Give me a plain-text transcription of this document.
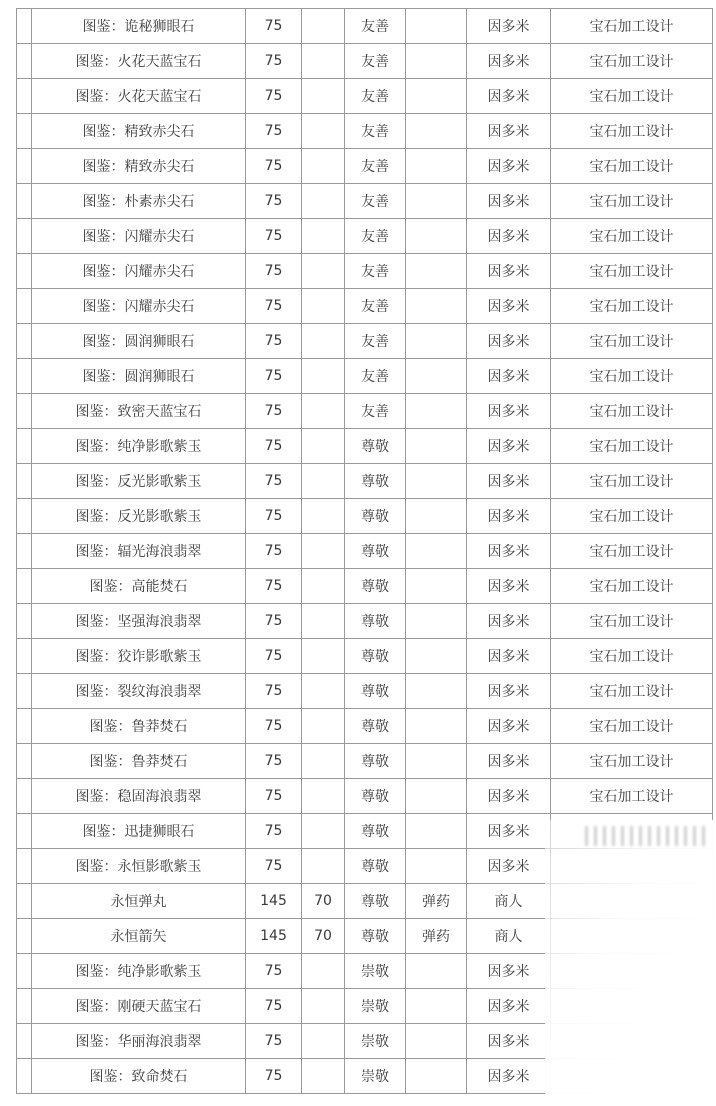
	图鉴：诡秘狮眼石	75		友善		因多米	宝石加工设计
	图鉴：火花天蓝宝石	75		友善		因多米	宝石加工设计
	图鉴：火花天蓝宝石	75		友善		因多米	宝石加工设计
	图鉴：精致赤尖石	75		友善		因多米	宝石加工设计
	图鉴：精致赤尖石	75		友善		因多米	宝石加工设计
	图鉴：朴素赤尖石	75		友善		因多米	宝石加工设计
	图鉴：闪耀赤尖石	75		友善		因多米	宝石加工设计
	图鉴：闪耀赤尖石	75		友善		因多米	宝石加工设计
	图鉴：闪耀赤尖石	75		友善		因多米	宝石加工设计
	图鉴：圆润狮眼石	75		友善		因多米	宝石加工设计
	图鉴：圆润狮眼石	75		友善		因多米	宝石加工设计
	图鉴：致密天蓝宝石	75		友善		因多米	宝石加工设计
	图鉴：纯净影歌紫玉	75		尊敬		因多米	宝石加工设计
	图鉴：反光影歌紫玉	75		尊敬		因多米	宝石加工设计
	图鉴：反光影歌紫玉	75		尊敬		因多米	宝石加工设计
	图鉴：辐光海浪翡翠	75		尊敬		因多米	宝石加工设计
	图鉴：高能焚石	75		尊敬		因多米	宝石加工设计
	图鉴：坚强海浪翡翠	75		尊敬		因多米	宝石加工设计
	图鉴：狡诈影歌紫玉	75		尊敬		因多米	宝石加工设计
	图鉴：裂纹海浪翡翠	75		尊敬		因多米	宝石加工设计
	图鉴：鲁莽焚石	75		尊敬		因多米	宝石加工设计
	图鉴：鲁莽焚石	75		尊敬		因多米	宝石加工设计
	图鉴：稳固海浪翡翠	75		尊敬		因多米	宝石加工设计
	图鉴：迅捷狮眼石	75		尊敬		因多米	
	图鉴：永恒影歌紫玉	75		尊敬		因多米	
	永恒弹丸	145	70	尊敬	弹药	商人	
	永恒箭矢	145	70	尊敬	弹药	商人	
	图鉴：纯净影歌紫玉	75		崇敬		因多米	
	图鉴：刚硬天蓝宝石	75		崇敬		因多米	
	图鉴：华丽海浪翡翠	75		崇敬		因多米	
	图鉴：致命焚石	75		崇敬		因多米	
